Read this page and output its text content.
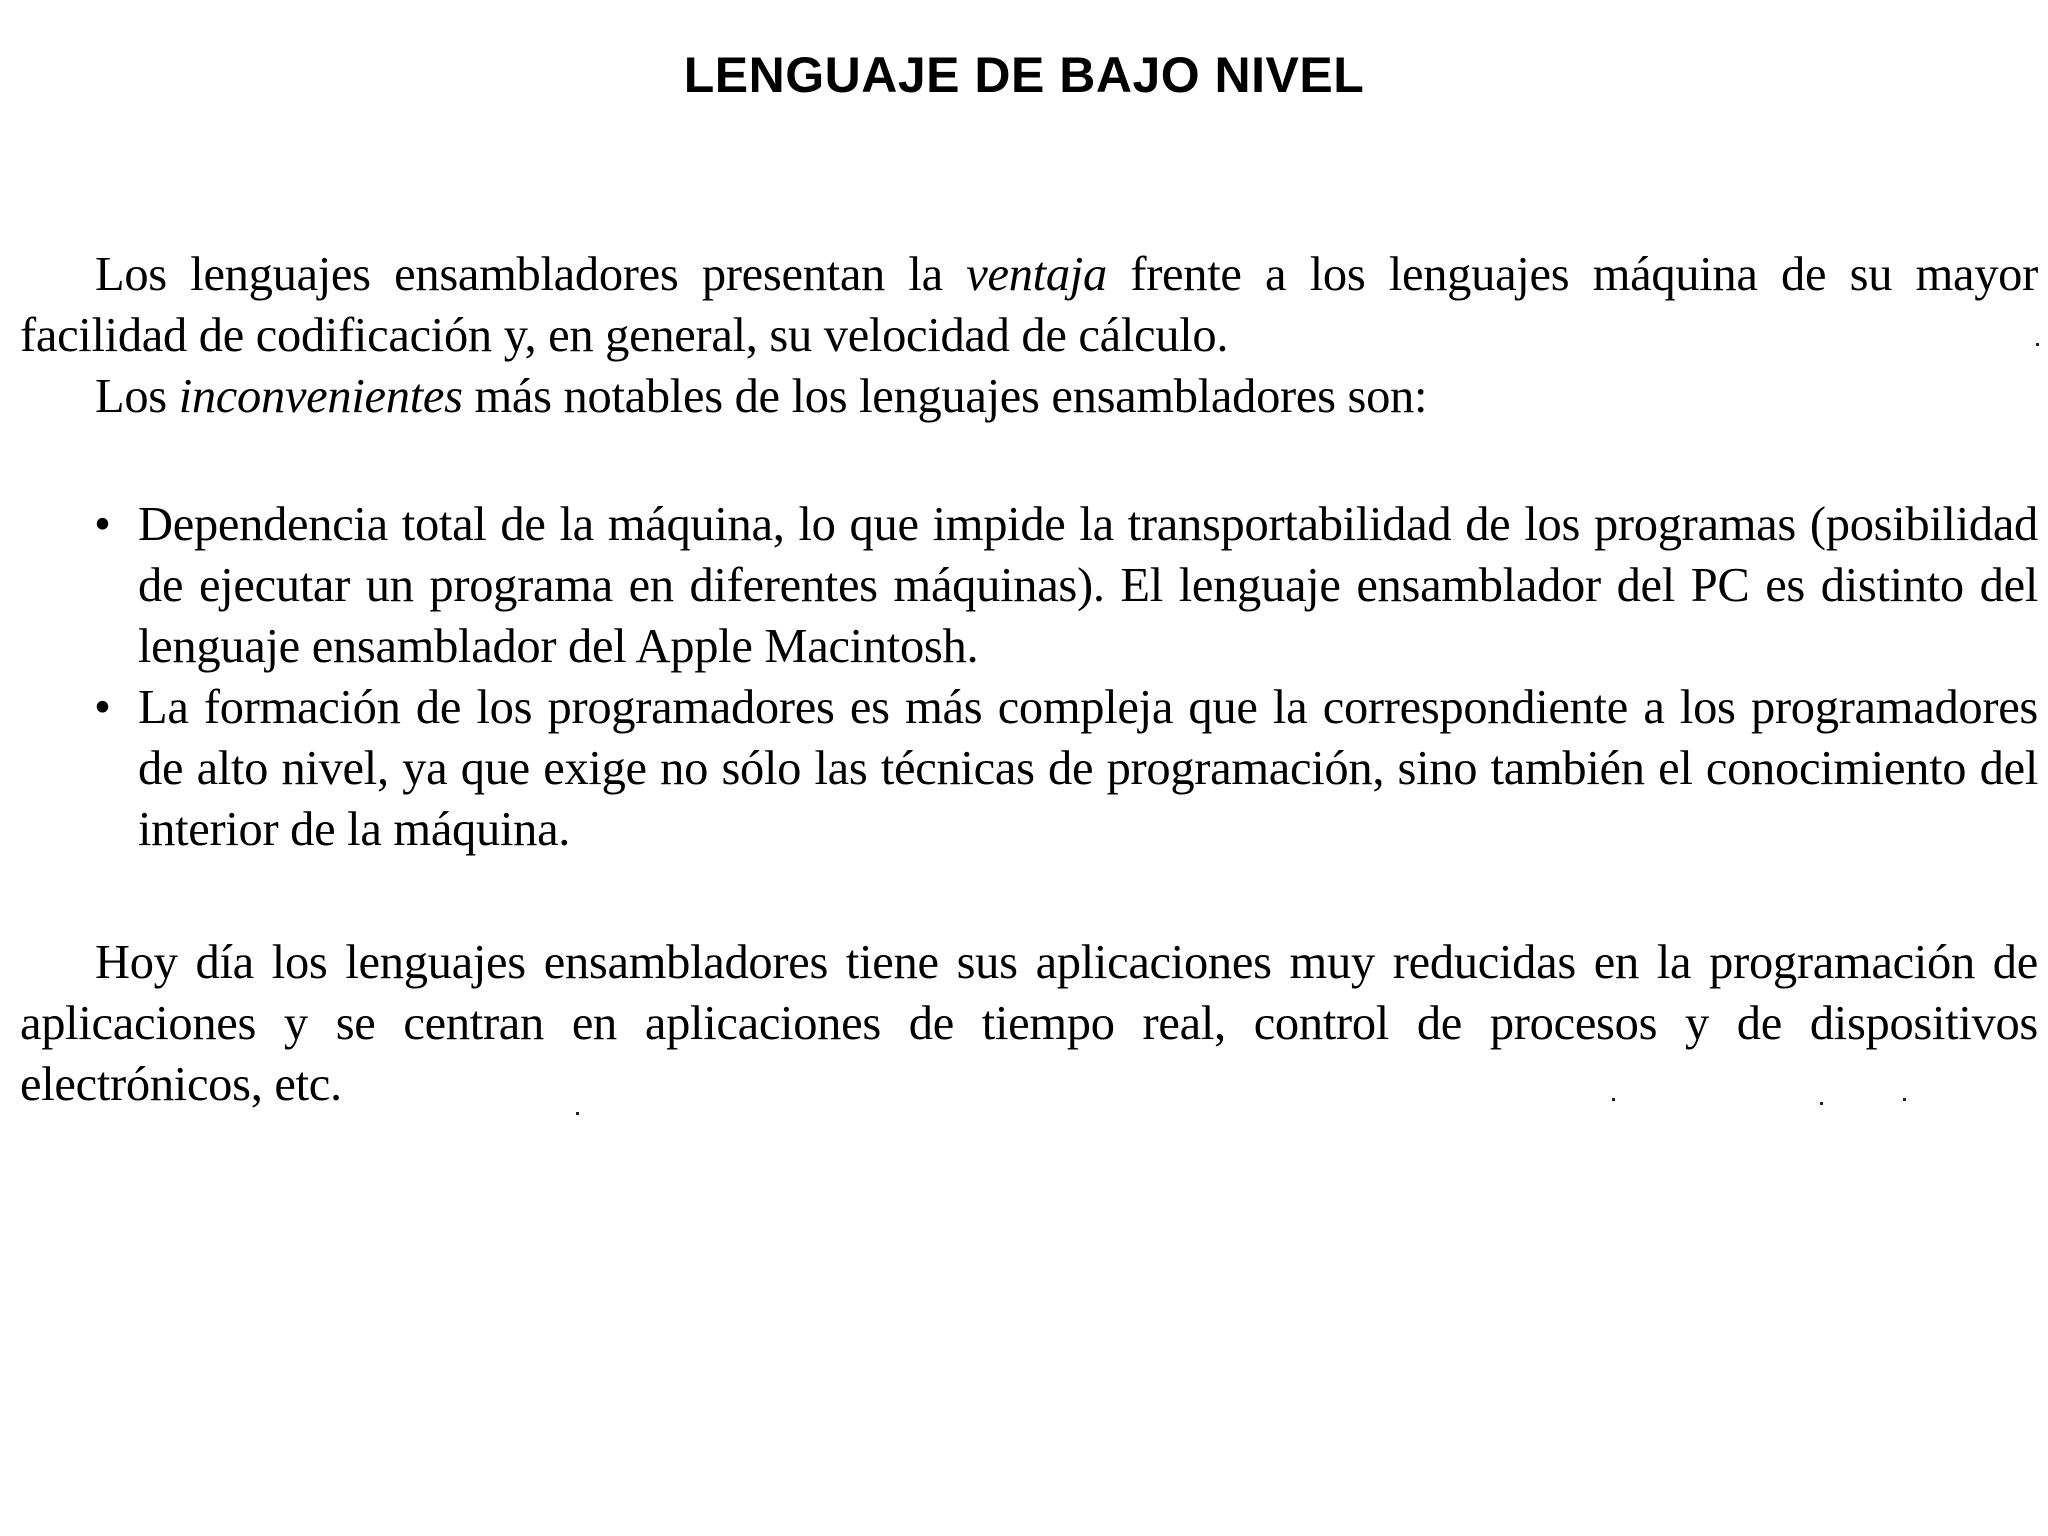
LENGUAJE DE BAJO NIVEL

Los lenguajes ensambladores presentan la ventaja frente a los lenguajes máquina de su mayor facilidad de codificación y, en general, su velocidad de cálculo.

Los inconvenientes más notables de los lenguajes ensambladores son:

• Dependencia total de la máquina, lo que impide la transportabilidad de los programas (posibilidad de ejecutar un programa en diferentes máquinas). El lenguaje ensamblador del PC es distinto del lenguaje ensamblador del Apple Macintosh.
• La formación de los programadores es más compleja que la correspondiente a los programadores de alto nivel, ya que exige no sólo las técnicas de programación, sino también el conocimiento del interior de la máquina.

Hoy día los lenguajes ensambladores tiene sus aplicaciones muy reducidas en la programación de aplicaciones y se centran en aplicaciones de tiempo real, control de procesos y de dispositivos electrónicos, etc.
